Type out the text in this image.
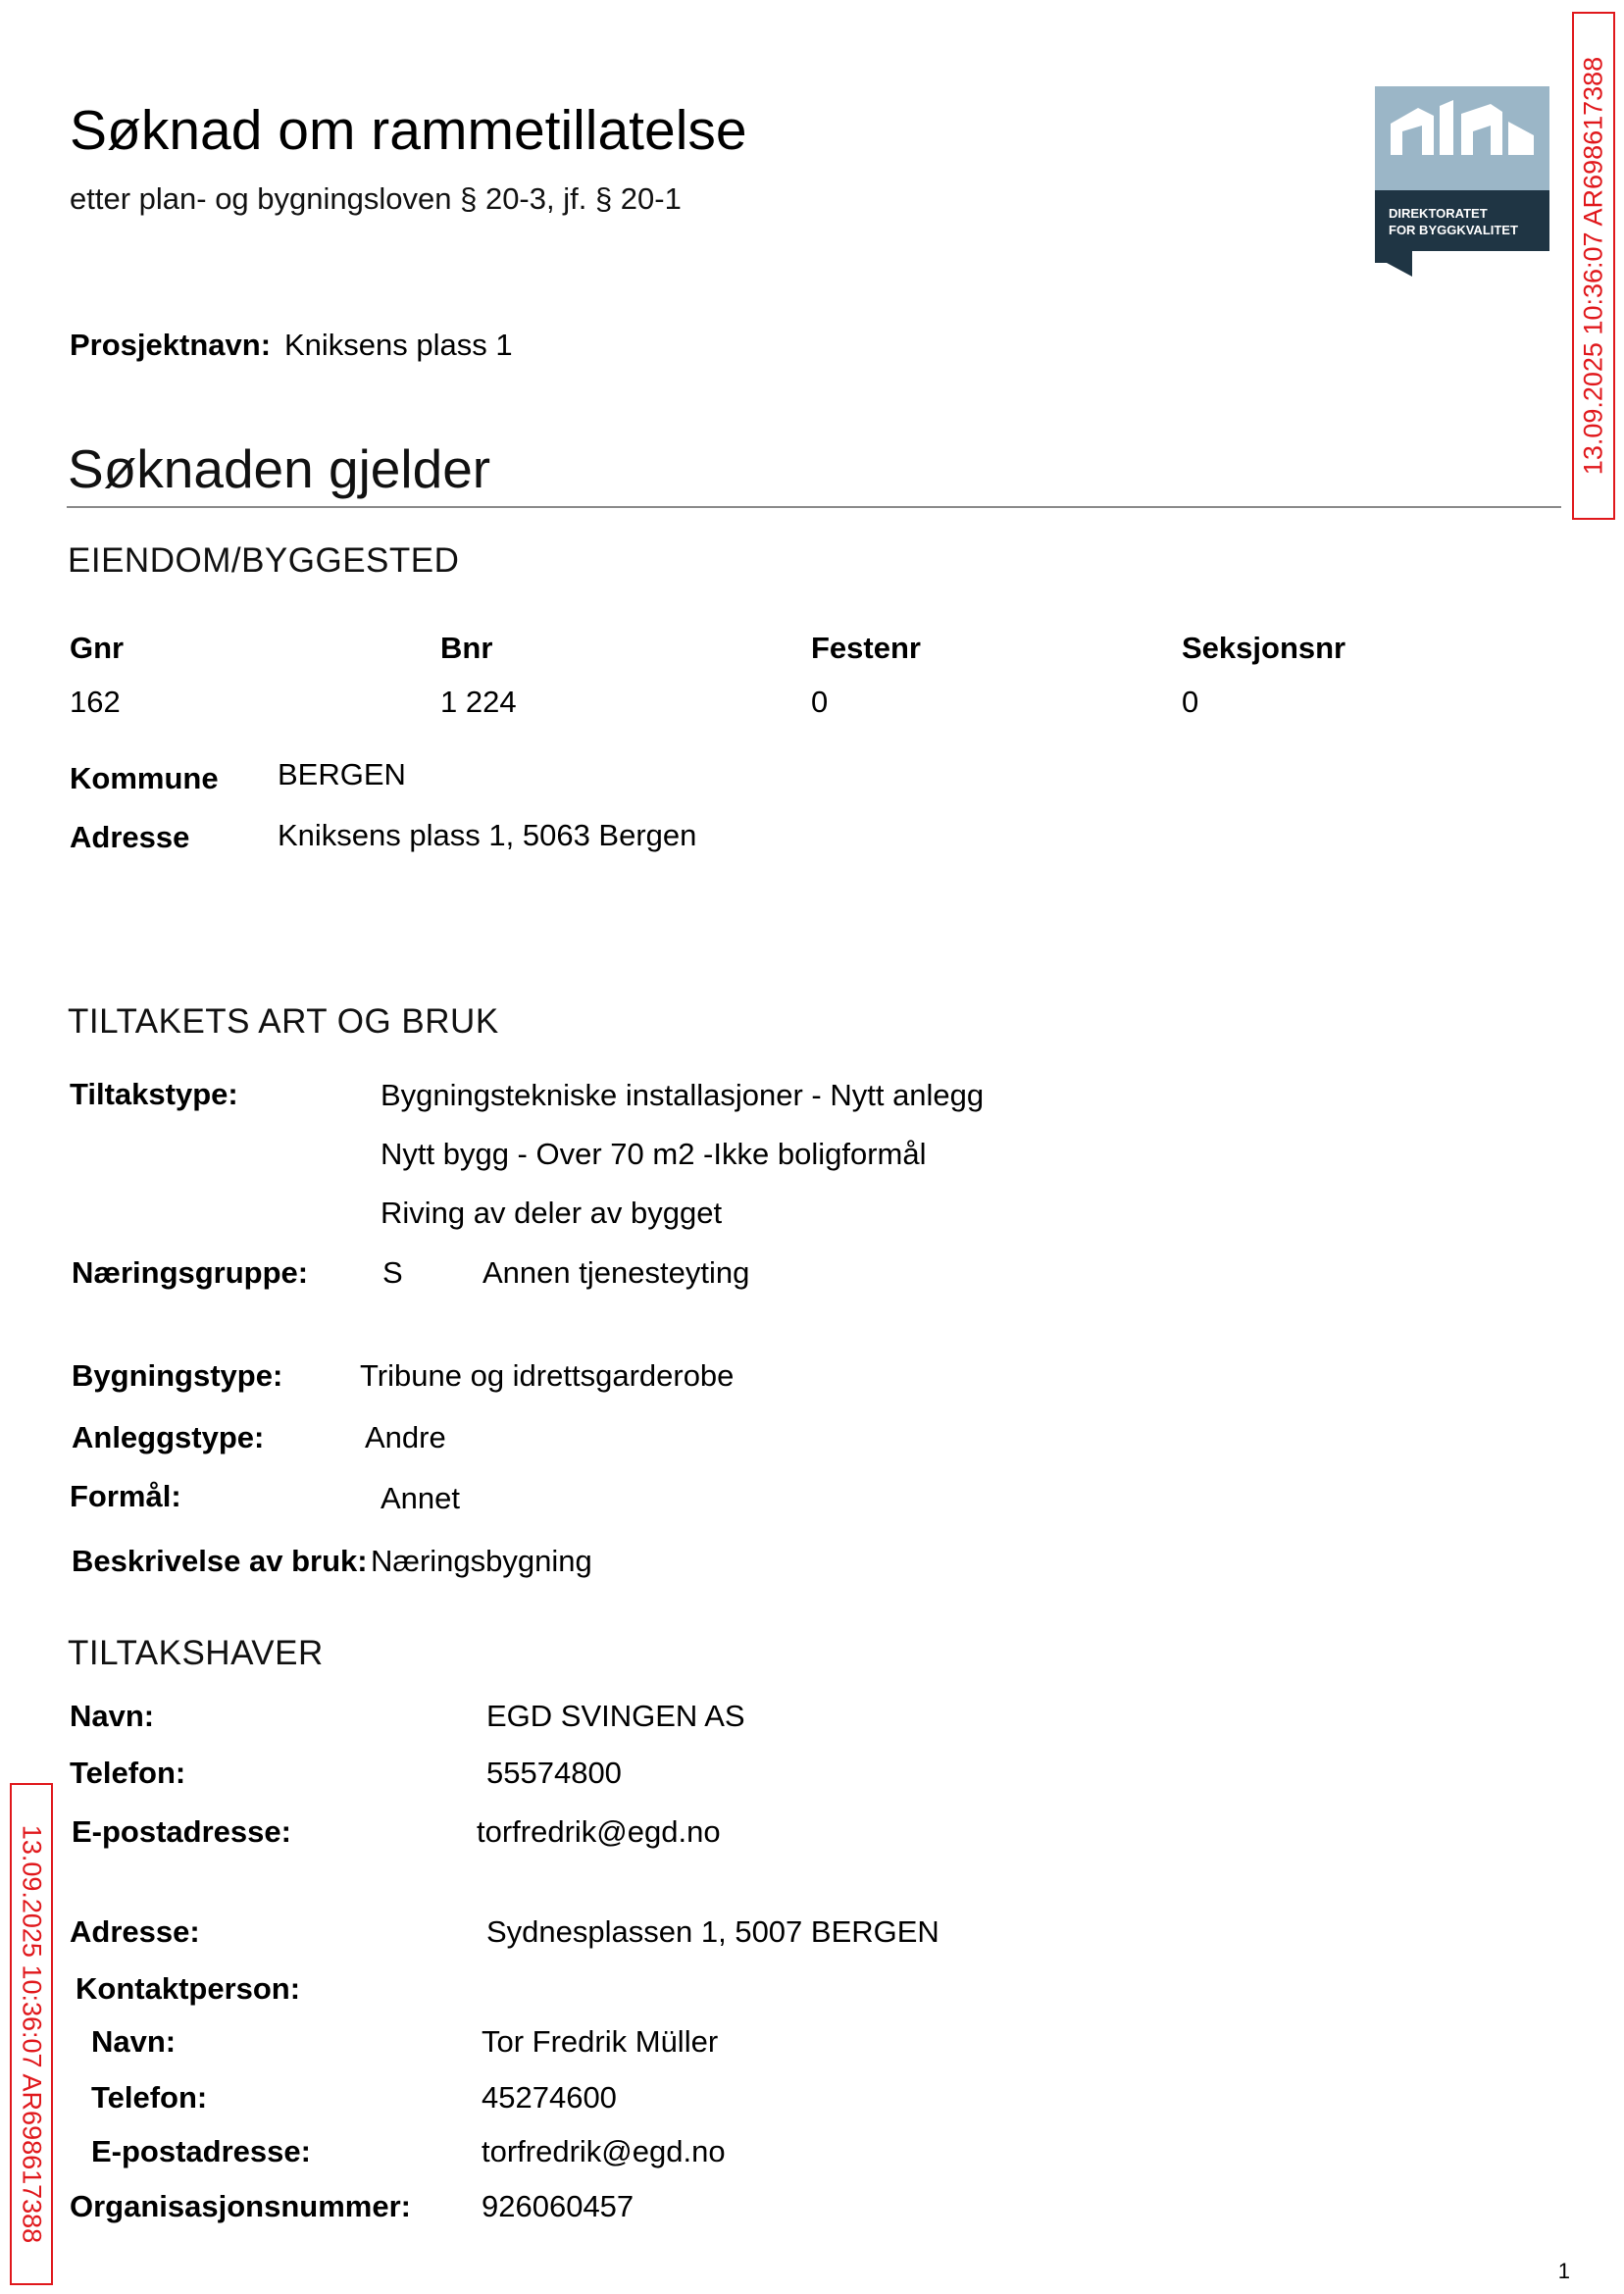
Søknad om rammetillatelse
etter plan- og bygningsloven § 20-3, jf. § 20-1	DIREKTORATET
FOR BYGGKVALITET 13.09.2025 10:36:07 AR698617388
Prosjektnavn: Kniksens plass 1
Søknaden gjelder
EIENDOM/BYGGESTED
Gnr	Bnr	Festenr	Seksjonsnr
162	1 224	0	0
Kommune BERGEN
Adresse	Kniksens plass 1, 5063 Bergen
TILTAKETS ART OG BRUK
Tiltakstype:	Bygningstekniske installasjoner - Nytt anlegg
Nytt bygg - Over 70 m2 -Ikke boligformål
Riving av deler av bygget
Næringsgruppe: S	Annen tjenesteyting
Bygningstype:	Tribune og idrettsgarderobe
Anleggstype:	Andre
Formål:	Annet
Beskrivelse av bruk: Næringsbygning
TILTAKSHAVER
Navn:	EGD SVINGEN AS
Telefon:	55574800
E-postadresse:	torfredrik@egd.no
13.09.2025 10:36:07 AR698617388 Adresse:	Sydnesplassen 1, 5007 BERGEN
Kontaktperson:
Navn:	Tor Fredrik Müller
Telefon:	45274600
E-postadresse:	torfredrik@egd.no
Organisasjonsnummer: 926060457
1
